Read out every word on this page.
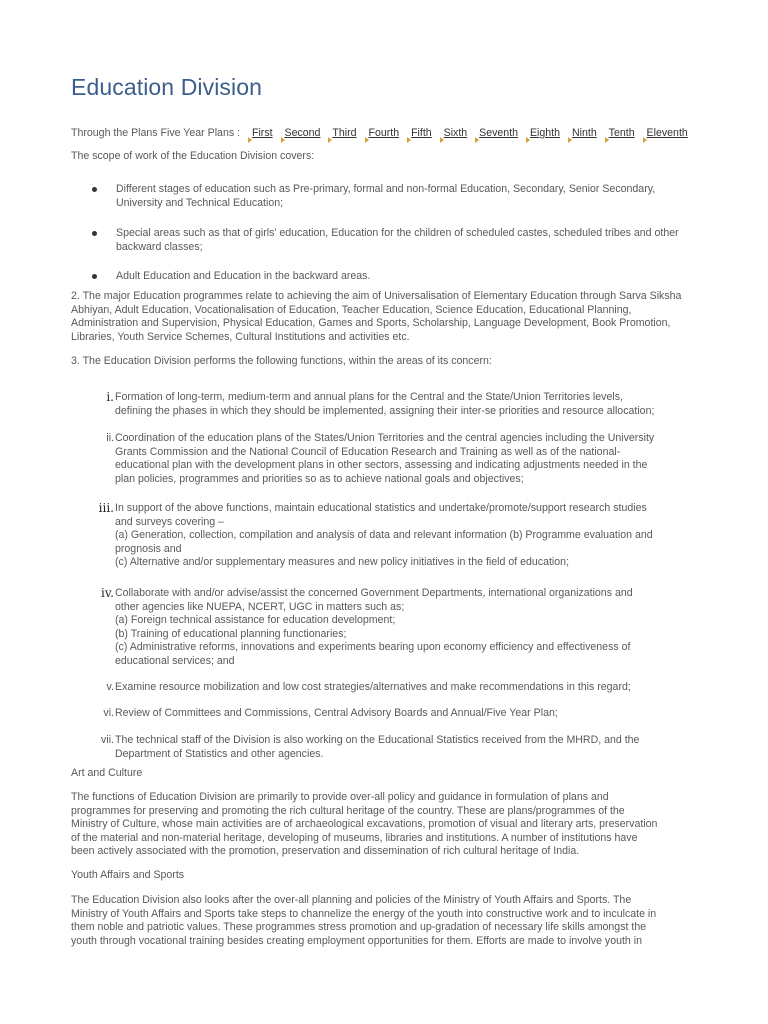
Education Division
Through the Plans Five Year Plans : First Second Third Fourth Fifth Sixth Seventh Eighth Ninth Tenth Eleventh
The scope of work of the Education Division covers:
Different stages of education such as Pre-primary, formal and non-formal Education, Secondary, Senior Secondary, University and Technical Education;
Special areas such as that of girls' education, Education for the children of scheduled castes, scheduled tribes and other backward classes;
Adult Education and Education in the backward areas.
2. The major Education programmes relate to achieving the aim of Universalisation of Elementary Education through Sarva Siksha Abhiyan, Adult Education, Vocationalisation of Education, Teacher Education, Science Education, Educational Planning, Administration and Supervision, Physical Education, Games and Sports, Scholarship, Language Development, Book Promotion, Libraries, Youth Service Schemes, Cultural Institutions and activities etc.
3. The Education Division performs the following functions, within the areas of its concern:
i. Formation of long-term, medium-term and annual plans for the Central and the State/Union Territories levels,
defining the phases in which they should be implemented, assigning their inter-se priorities and resource allocation;
ii. Coordination of the education plans of the States/Union Territories and the central agencies including the University
Grants Commission and the National Council of Education Research and Training as well as of the national-
educational plan with the development plans in other sectors, assessing and indicating adjustments needed in the
plan policies, programmes and priorities so as to achieve national goals and objectives;
iii. In support of the above functions, maintain educational statistics and undertake/promote/support research studies
and surveys covering –
(a) Generation, collection, compilation and analysis of data and relevant information (b) Programme evaluation and
prognosis and
(c) Alternative and/or supplementary measures and new policy initiatives in the field of education;
iv. Collaborate with and/or advise/assist the concerned Government Departments, international organizations and
other agencies like NUEPA, NCERT, UGC in matters such as;
(a) Foreign technical assistance for education development;
(b) Training of educational planning functionaries;
(c) Administrative reforms, innovations and experiments bearing upon economy efficiency and effectiveness of
educational services; and
v. Examine resource mobilization and low cost strategies/alternatives and make recommendations in this regard;
vi. Review of Committees and Commissions, Central Advisory Boards and Annual/Five Year Plan;
vii. The technical staff of the Division is also working on the Educational Statistics received from the MHRD, and the
Department of Statistics and other agencies.
Art and Culture
The functions of Education Division are primarily to provide over-all policy and guidance in formulation of plans and
programmes for preserving and promoting the rich cultural heritage of the country. These are plans/programmes of the
Ministry of Culture, whose main activities are of archaeological excavations, promotion of visual and literary arts, preservation
of the material and non-material heritage, developing of museums, libraries and institutions. A number of institutions have
been actively associated with the promotion, preservation and dissemination of rich cultural heritage of India.
Youth Affairs and Sports
The Education Division also looks after the over-all planning and policies of the Ministry of Youth Affairs and Sports. The
Ministry of Youth Affairs and Sports take steps to channelize the energy of the youth into constructive work and to inculcate in
them noble and patriotic values. These programmes stress promotion and up-gradation of necessary life skills amongst the
youth through vocational training besides creating employment opportunities for them. Efforts are made to involve youth in
